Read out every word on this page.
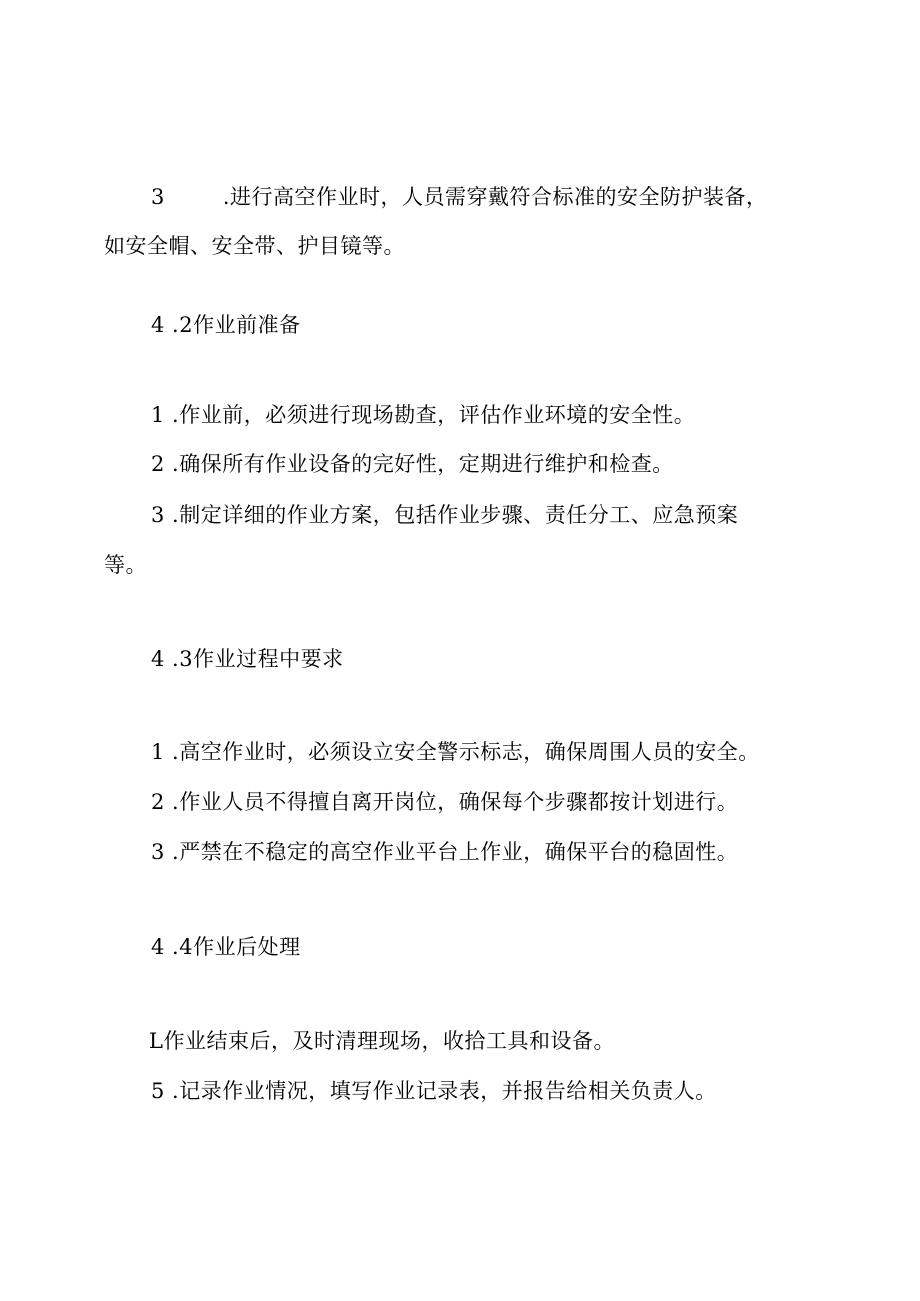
3	.进行高空作业时，人员需穿戴符合标准的安全防护装备，
如安全帽、安全带、护目镜等。
4 .2作业前准备
1 .作业前，必须进行现场勘查，评估作业环境的安全性。
2 .确保所有作业设备的完好性，定期进行维护和检查。
3 .制定详细的作业方案，包括作业步骤、责任分工、应急预案
等。
4 .3作业过程中要求
1 .高空作业时，必须设立安全警示标志，确保周围人员的安全。
2 .作业人员不得擅自离开岗位，确保每个步骤都按计划进行。
3 .严禁在不稳定的高空作业平台上作业，确保平台的稳固性。
4 .4作业后处理
L作业结束后，及时清理现场，收拾工具和设备。
5 .记录作业情况，填写作业记录表，并报告给相关负责人。
